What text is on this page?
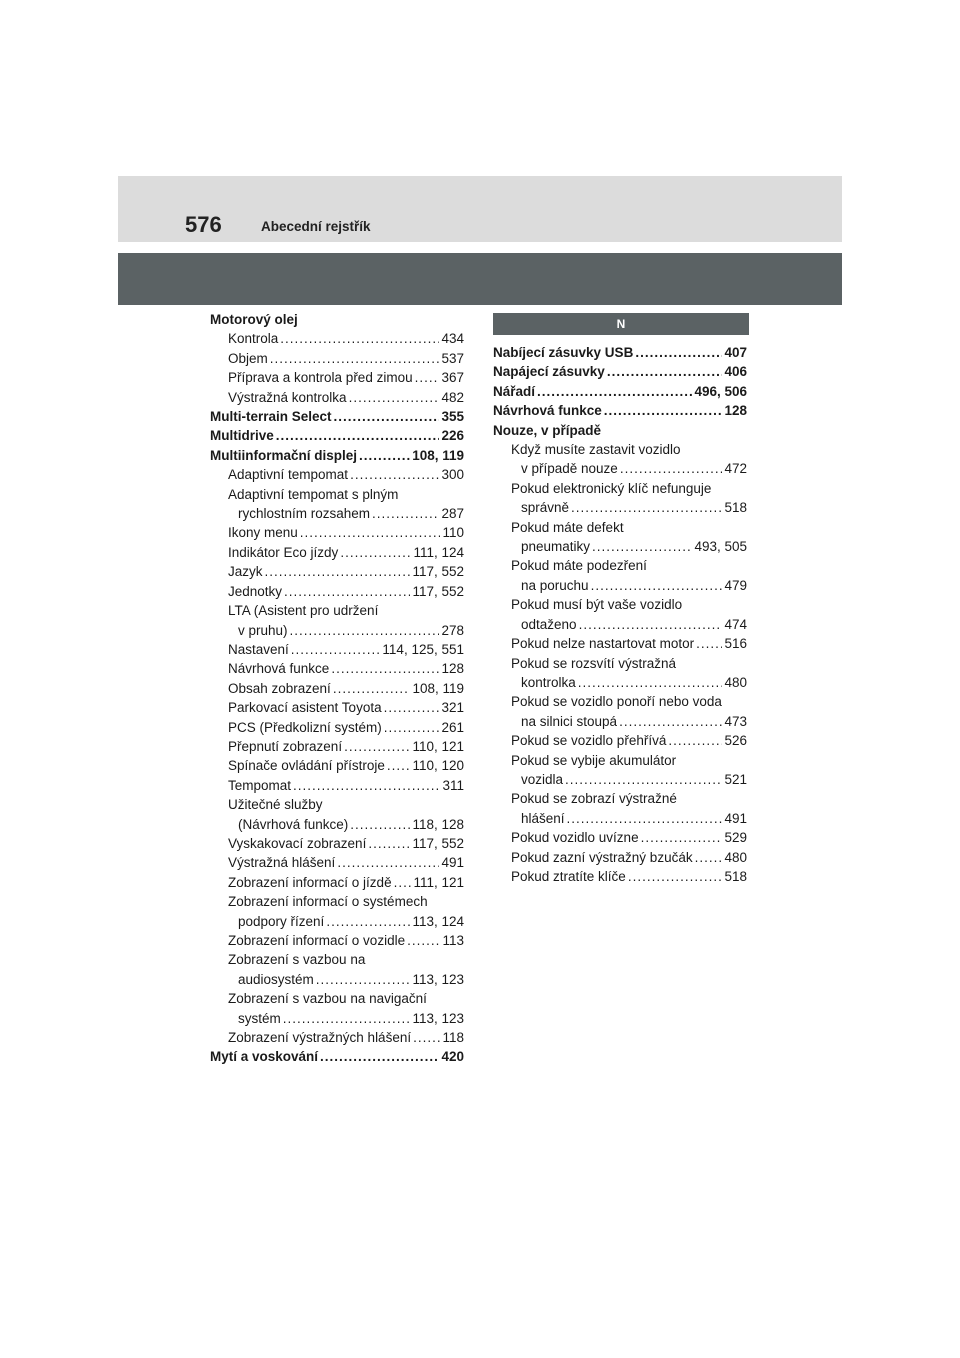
576	Abecední rejstřík
Motorový olej
Kontrola .....	434
Objem .....	537
Příprava a kontrola před zimou ..... 367
Výstražná kontrolka .....	482
Multi-terrain Select .....	355
Multidrive .....	226
Multiinformační displej .....	108, 119
Adaptivní tempomat .....	300
Adaptivní tempomat s plným
rychlostním rozsahem .....	287
Ikony menu .....	110
Indikátor Eco jízdy .....	111, 124
Jazyk .....	117, 552
Jednotky .....	117, 552
LTA (Asistent pro udržení
v pruhu) .....	278
Nastavení .....	114, 125, 551
Návrhová funkce .....	128
Obsah zobrazení .....	108, 119
Parkovací asistent Toyota .....	321
PCS (Předkolizní systém) .....	261
Přepnutí zobrazení .....	110, 121
Spínače ovládání přístroje ..... 110, 120
Tempomat .....	311
Užitečné služby
(Návrhová funkce) .....	118, 128
Vyskakovací zobrazení .....	117, 552
Výstražná hlášení .....	491
Zobrazení informací o jízdě ..... 111, 121
Zobrazení informací o systémech
podpory řízení .....	113, 124
Zobrazení informací o vozidle .....	113
Zobrazení s vazbou na
audiosystém .....	113, 123
Zobrazení s vazbou na navigační
systém .....	113, 123
Zobrazení výstražných hlášení ..... 118
Mytí a voskování .....	420
N
Nabíjecí zásuvky USB .....	407
Napájecí zásuvky .....	406
Nářadí .....	496, 506
Návrhová funkce .....	128
Nouze, v případě
Když musíte zastavit vozidlo
v případě nouze .....	472
Pokud elektronický klíč nefunguje
správně .....	518
Pokud máte defekt
pneumatiky .....	493, 505
Pokud máte podezření
na poruchu .....	479
Pokud musí být vaše vozidlo
odtaženo .....	474
Pokud nelze nastartovat motor ..... 516
Pokud se rozsvítí výstražná
kontrolka .....	480
Pokud se vozidlo ponoří nebo voda
na silnici stoupá .....	473
Pokud se vozidlo přehřívá .....	526
Pokud se vybije akumulátor
vozidla .....	521
Pokud se zobrazí výstražné
hlášení .....	491
Pokud vozidlo uvízne .....	529
Pokud zazní výstražný bzučák ..... 480
Pokud ztratíte klíče .....	518
